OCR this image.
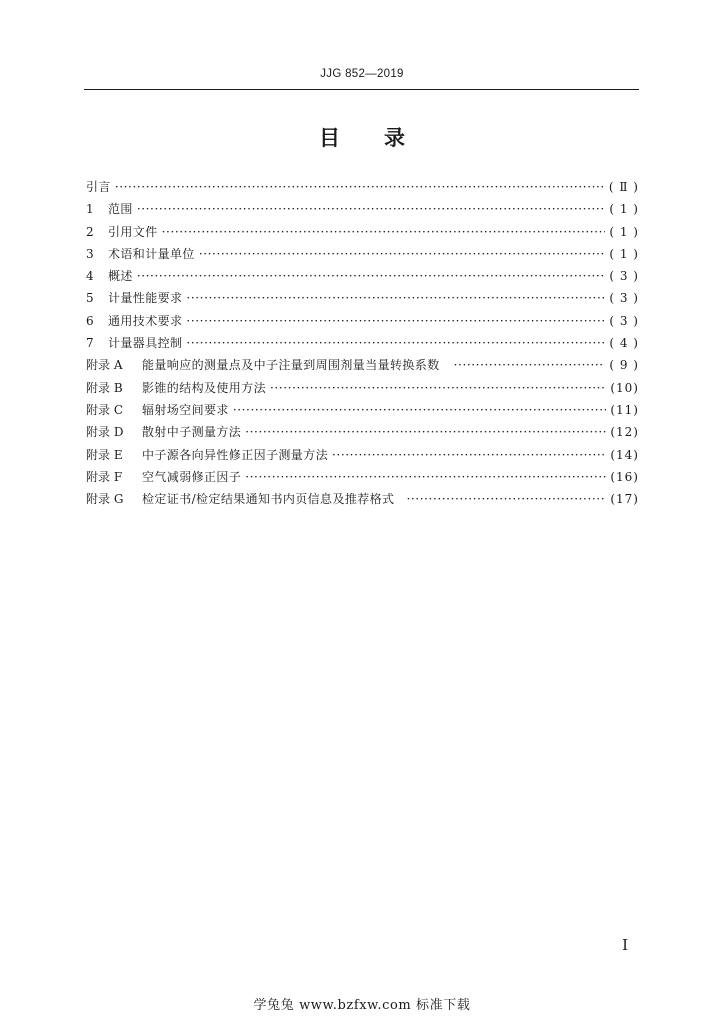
JJG 852—2019
目 录
引言 ·····	( Ⅱ )
1	范围 ·····	( 1 )
2	引用文件 ·····	( 1 )
3	术语和计量单位 ·····	( 1 )
4	概述 ·····	( 3 )
5	计量性能要求 ·····	( 3 )
6	通用技术要求 ·····	( 3 )
7	计量器具控制 ·····	( 4 )
附录 A	能量响应的测量点及中子注量到周围剂量当量转换系数 ·····	( 9 )
附录 B	影锥的结构及使用方法 ·····	(10)
附录 C	辐射场空间要求 ·····	(11)
附录 D	散射中子测量方法 ·····	(12)
附录 E	中子源各向异性修正因子测量方法 ·····	(14)
附录 F	空气减弱修正因子 ·····	(16)
附录 G	检定证书/检定结果通知书内页信息及推荐格式 ·····	(17)
I
学兔兔 www.bzfxw.com 标准下载
